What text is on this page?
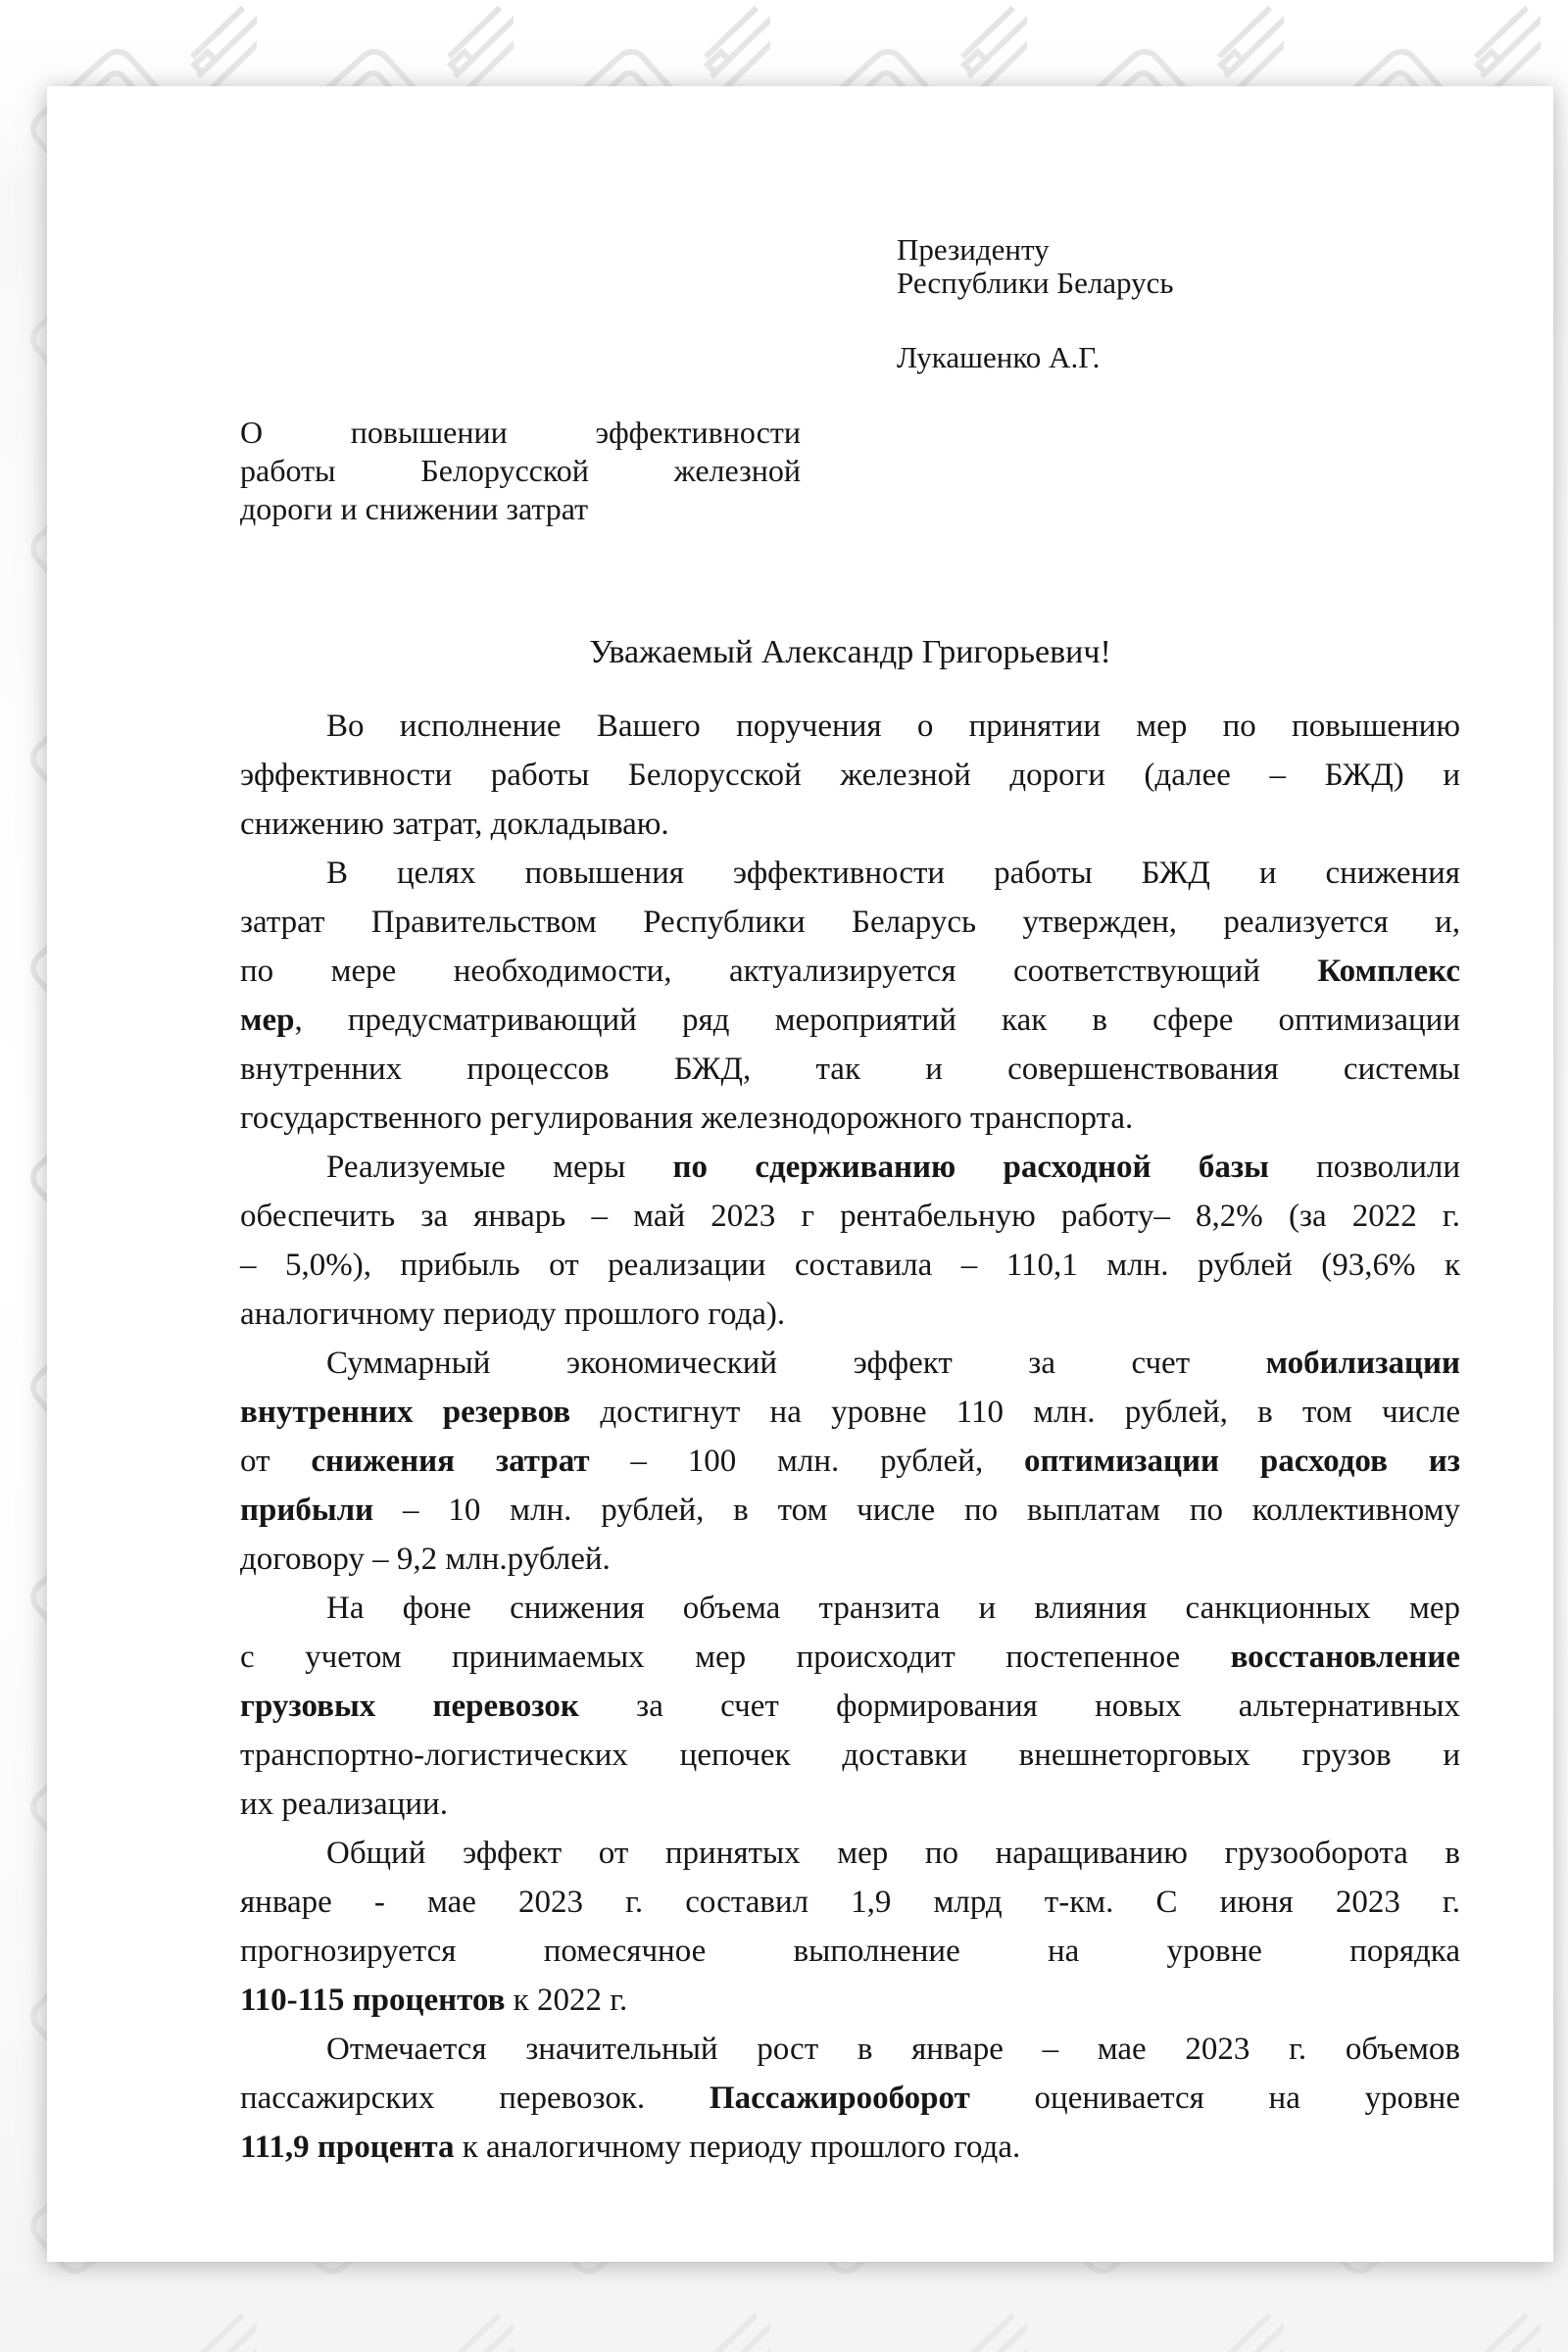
Президенту
Республики Беларусь
Лукашенко А.Г.
О повышении эффективности
работы Белорусской железной
дороги и снижении затрат
Уважаемый Александр Григорьевич!
Во исполнение Вашего поручения о принятии мер по повышению
эффективности работы Белорусской железной дороги (далее – БЖД) и
снижению затрат, докладываю.
В целях повышения эффективности работы БЖД и снижения
затрат Правительством Республики Беларусь утвержден, реализуется и,
по мере необходимости, актуализируется соответствующий Комплекс
мер, предусматривающий ряд мероприятий как в сфере оптимизации
внутренних процессов БЖД, так и совершенствования системы
государственного регулирования железнодорожного транспорта.
Реализуемые меры по сдерживанию расходной базы позволили
обеспечить за январь – май 2023 г рентабельную работу– 8,2% (за 2022 г.
– 5,0%), прибыль от реализации составила – 110,1 млн. рублей (93,6% к
аналогичному периоду прошлого года).
Суммарный экономический эффект за счет мобилизации
внутренних резервов достигнут на уровне 110 млн. рублей, в том числе
от снижения затрат – 100 млн. рублей, оптимизации расходов из
прибыли – 10 млн. рублей, в том числе по выплатам по коллективному
договору – 9,2 млн.рублей.
На фоне снижения объема транзита и влияния санкционных мер
с учетом принимаемых мер происходит постепенное восстановление
грузовых перевозок за счет формирования новых альтернативных
транспортно-логистических цепочек доставки внешнеторговых грузов и
их реализации.
Общий эффект от принятых мер по наращиванию грузооборота в
январе - мае 2023 г. составил 1,9 млрд т-км. С июня 2023 г.
прогнозируется помесячное выполнение на уровне порядка
110-115 процентов к 2022 г.
Отмечается значительный рост в январе – мае 2023 г. объемов
пассажирских перевозок. Пассажирооборот оценивается на уровне
111,9 процента к аналогичному периоду прошлого года.
